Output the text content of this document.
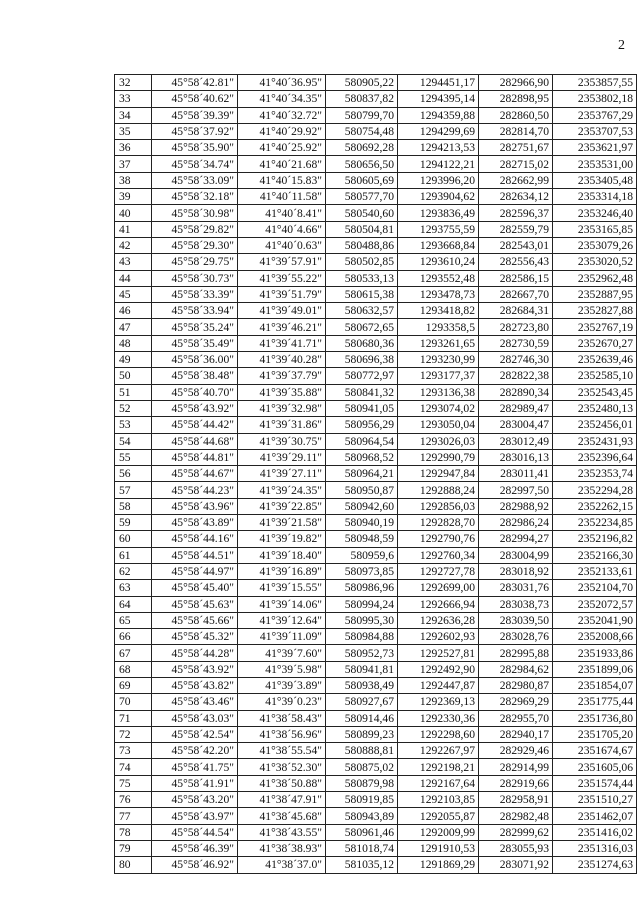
2
32	45°58´42.81"	41°40´36.95"	580905,22	1294451,17	282966,90	2353857,55
33	45°58´40.62"	41°40´34.35"	580837,82	1294395,14	282898,95	2353802,18
34	45°58´39.39"	41°40´32.72"	580799,70	1294359,88	282860,50	2353767,29
35	45°58´37.92"	41°40´29.92"	580754,48	1294299,69	282814,70	2353707,53
36	45°58´35.90"	41°40´25.92"	580692,28	1294213,53	282751,67	2353621,97
37	45°58´34.74"	41°40´21.68"	580656,50	1294122,21	282715,02	2353531,00
38	45°58´33.09"	41°40´15.83"	580605,69	1293996,20	282662,99	2353405,48
39	45°58´32.18"	41°40´11.58"	580577,70	1293904,62	282634,12	2353314,18
40	45°58´30.98"	41°40´8.41"	580540,60	1293836,49	282596,37	2353246,40
41	45°58´29.82"	41°40´4.66"	580504,81	1293755,59	282559,79	2353165,85
42	45°58´29.30"	41°40´0.63"	580488,86	1293668,84	282543,01	2353079,26
43	45°58´29.75"	41°39´57.91"	580502,85	1293610,24	282556,43	2353020,52
44	45°58´30.73"	41°39´55.22"	580533,13	1293552,48	282586,15	2352962,48
45	45°58´33.39"	41°39´51.79"	580615,38	1293478,73	282667,70	2352887,95
46	45°58´33.94"	41°39´49.01"	580632,57	1293418,82	282684,31	2352827,88
47	45°58´35.24"	41°39´46.21"	580672,65	1293358,5	282723,80	2352767,19
48	45°58´35.49"	41°39´41.71"	580680,36	1293261,65	282730,59	2352670,27
49	45°58´36.00"	41°39´40.28"	580696,38	1293230,99	282746,30	2352639,46
50	45°58´38.48"	41°39´37.79"	580772,97	1293177,37	282822,38	2352585,10
51	45°58´40.70"	41°39´35.88"	580841,32	1293136,38	282890,34	2352543,45
52	45°58´43.92"	41°39´32.98"	580941,05	1293074,02	282989,47	2352480,13
53	45°58´44.42"	41°39´31.86"	580956,29	1293050,04	283004,47	2352456,01
54	45°58´44.68"	41°39´30.75"	580964,54	1293026,03	283012,49	2352431,93
55	45°58´44.81"	41°39´29.11"	580968,52	1292990,79	283016,13	2352396,64
56	45°58´44.67"	41°39´27.11"	580964,21	1292947,84	283011,41	2352353,74
57	45°58´44.23"	41°39´24.35"	580950,87	1292888,24	282997,50	2352294,28
58	45°58´43.96"	41°39´22.85"	580942,60	1292856,03	282988,92	2352262,15
59	45°58´43.89"	41°39´21.58"	580940,19	1292828,70	282986,24	2352234,85
60	45°58´44.16"	41°39´19.82"	580948,59	1292790,76	282994,27	2352196,82
61	45°58´44.51"	41°39´18.40"	580959,6	1292760,34	283004,99	2352166,30
62	45°58´44.97"	41°39´16.89"	580973,85	1292727,78	283018,92	2352133,61
63	45°58´45.40"	41°39´15.55"	580986,96	1292699,00	283031,76	2352104,70
64	45°58´45.63"	41°39´14.06"	580994,24	1292666,94	283038,73	2352072,57
65	45°58´45.66"	41°39´12.64"	580995,30	1292636,28	283039,50	2352041,90
66	45°58´45.32"	41°39´11.09"	580984,88	1292602,93	283028,76	2352008,66
67	45°58´44.28"	41°39´7.60"	580952,73	1292527,81	282995,88	2351933,86
68	45°58´43.92"	41°39´5.98"	580941,81	1292492,90	282984,62	2351899,06
69	45°58´43.82"	41°39´3.89"	580938,49	1292447,87	282980,87	2351854,07
70	45°58´43.46"	41°39´0.23"	580927,67	1292369,13	282969,29	2351775,44
71	45°58´43.03"	41°38´58.43"	580914,46	1292330,36	282955,70	2351736,80
72	45°58´42.54"	41°38´56.96"	580899,23	1292298,60	282940,17	2351705,20
73	45°58´42.20"	41°38´55.54"	580888,81	1292267,97	282929,46	2351674,67
74	45°58´41.75"	41°38´52.30"	580875,02	1292198,21	282914,99	2351605,06
75	45°58´41.91"	41°38´50.88"	580879,98	1292167,64	282919,66	2351574,44
76	45°58´43.20"	41°38´47.91"	580919,85	1292103,85	282958,91	2351510,27
77	45°58´43.97"	41°38´45.68"	580943,89	1292055,87	282982,48	2351462,07
78	45°58´44.54"	41°38´43.55"	580961,46	1292009,99	282999,62	2351416,02
79	45°58´46.39"	41°38´38.93"	581018,74	1291910,53	283055,93	2351316,03
80	45°58´46.92"	41°38´37.0"	581035,12	1291869,29	283071,92	2351274,63
